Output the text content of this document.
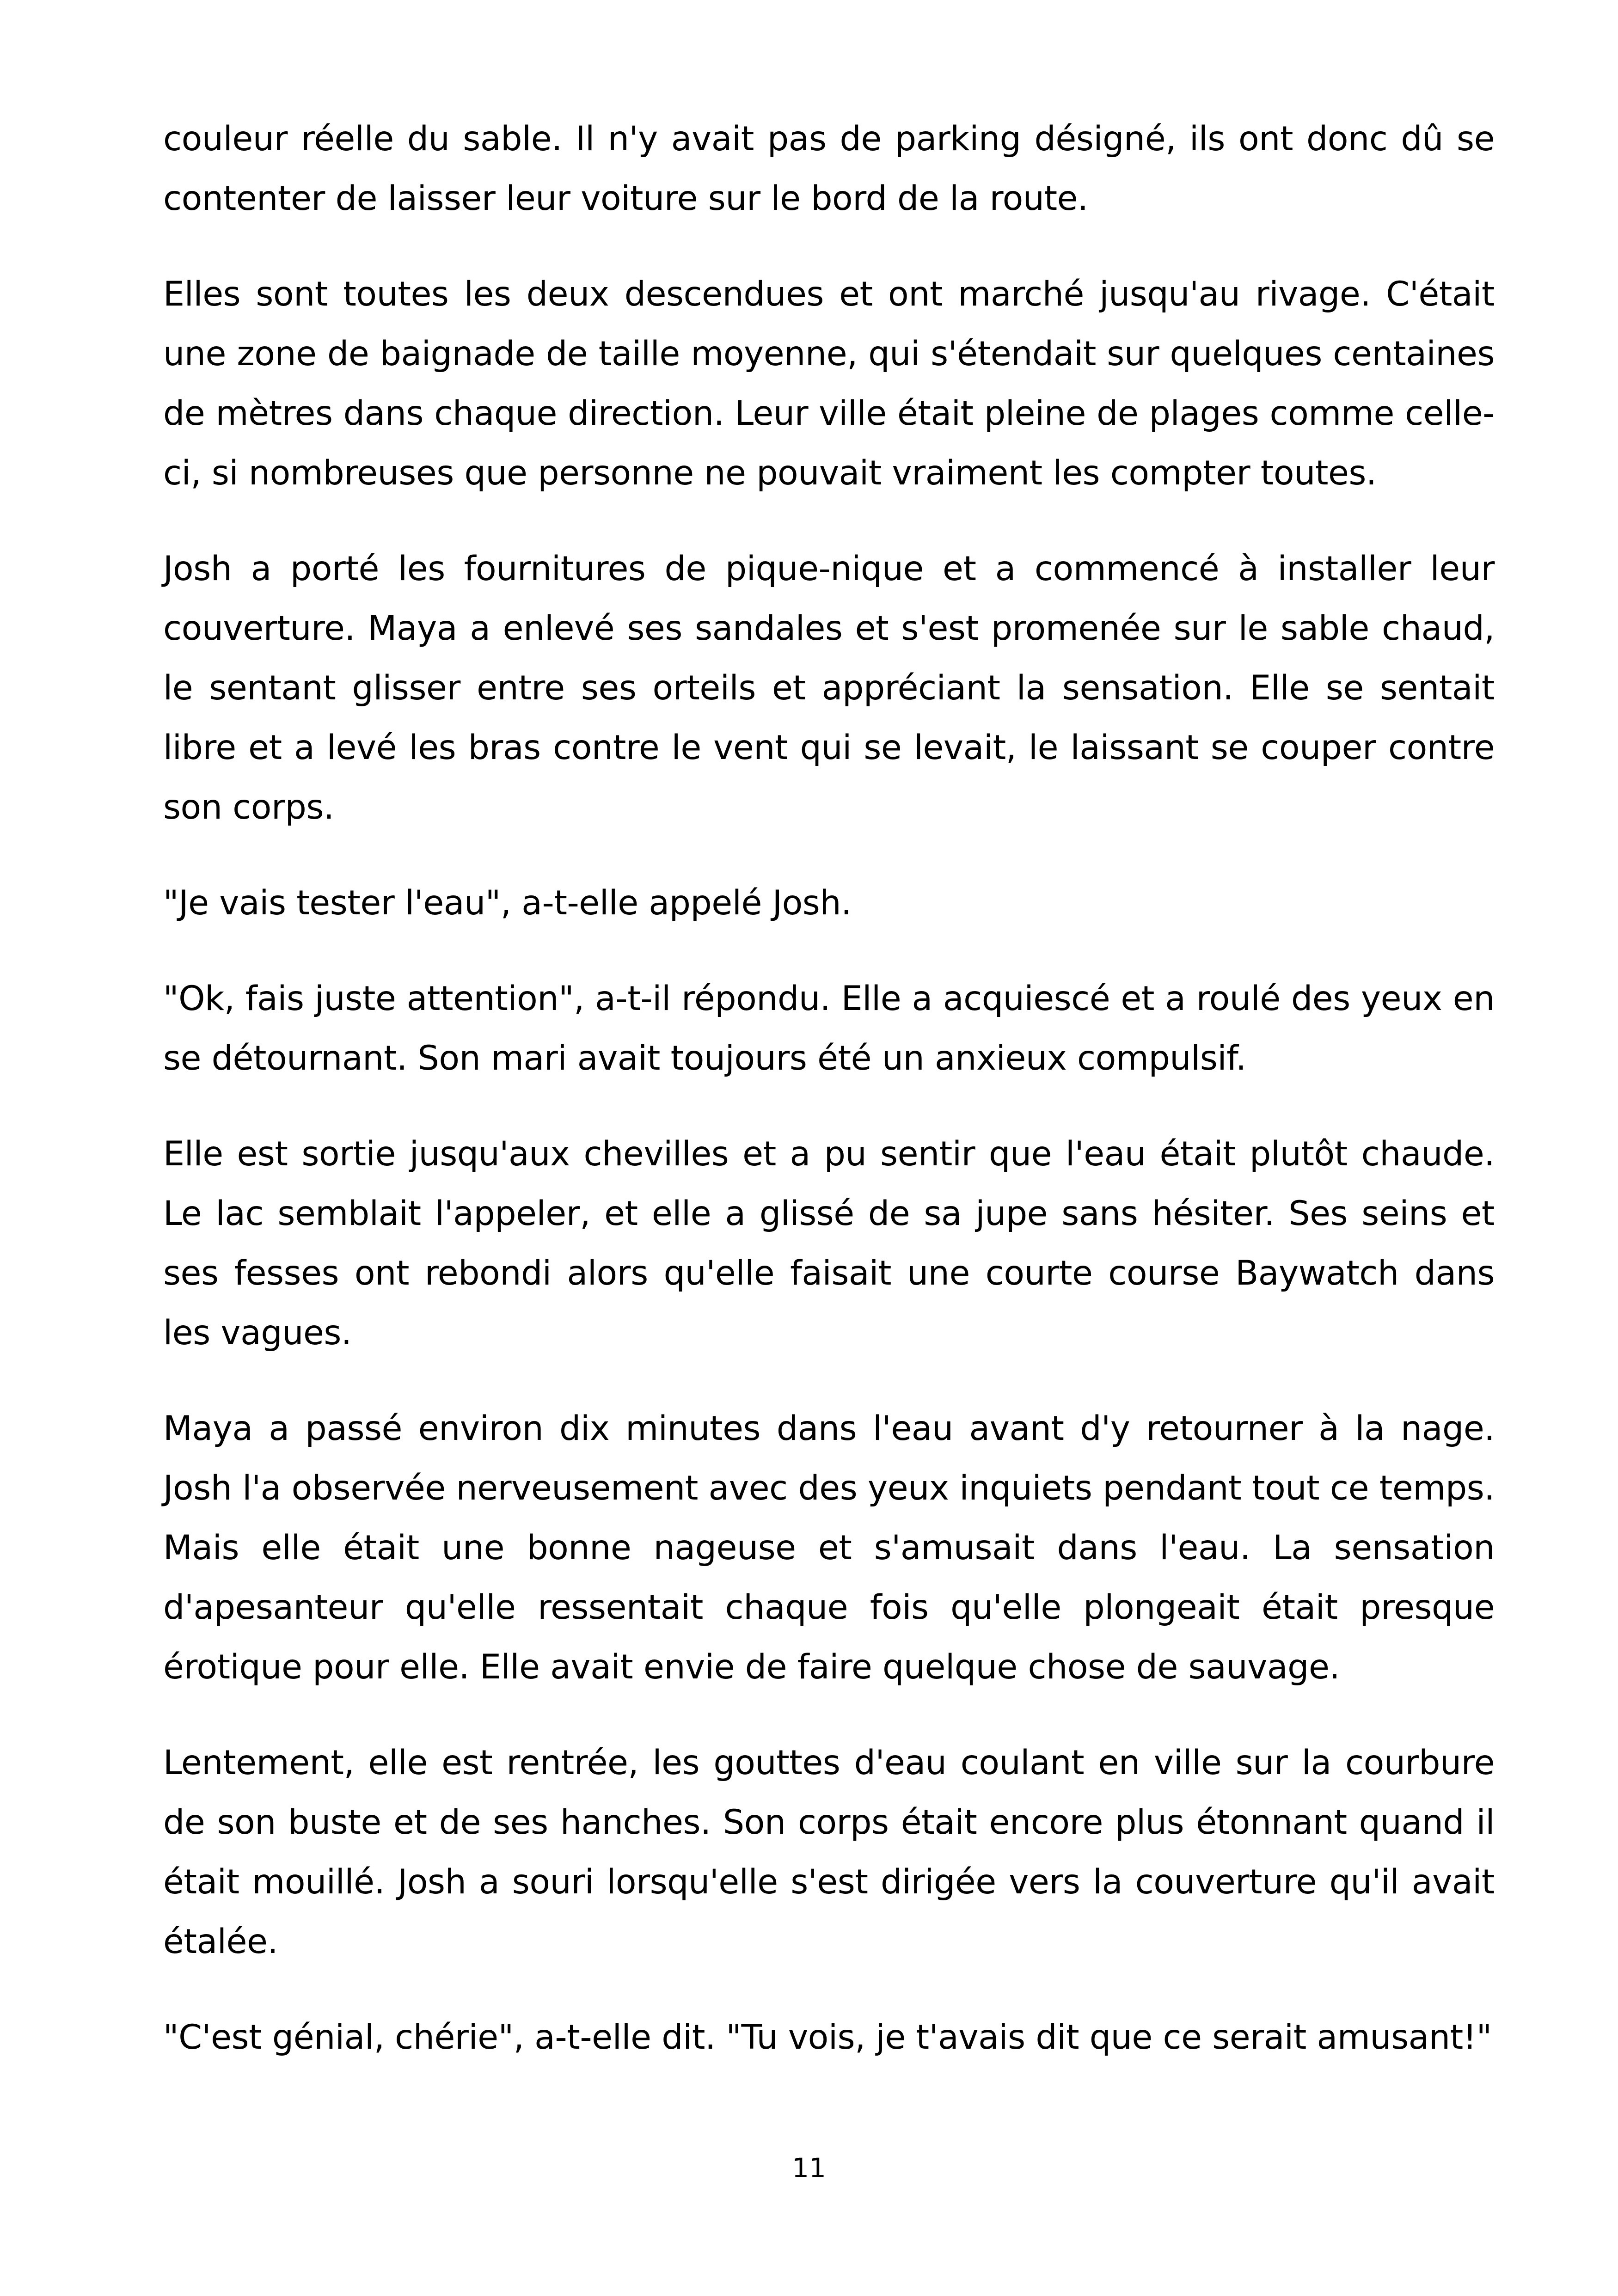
couleur réelle du sable. Il n'y avait pas de parking désigné, ils ont donc dû se contenter de laisser leur voiture sur le bord de la route.

Elles sont toutes les deux descendues et ont marché jusqu'au rivage. C'était une zone de baignade de taille moyenne, qui s'étendait sur quelques centaines de mètres dans chaque direction. Leur ville était pleine de plages comme celle-ci, si nombreuses que personne ne pouvait vraiment les compter toutes.

Josh a porté les fournitures de pique-nique et a commencé à installer leur couverture. Maya a enlevé ses sandales et s'est promenée sur le sable chaud, le sentant glisser entre ses orteils et appréciant la sensation. Elle se sentait libre et a levé les bras contre le vent qui se levait, le laissant se couper contre son corps.

"Je vais tester l'eau", a-t-elle appelé Josh.

"Ok, fais juste attention", a-t-il répondu. Elle a acquiescé et a roulé des yeux en se détournant. Son mari avait toujours été un anxieux compulsif.

Elle est sortie jusqu'aux chevilles et a pu sentir que l'eau était plutôt chaude. Le lac semblait l'appeler, et elle a glissé de sa jupe sans hésiter. Ses seins et ses fesses ont rebondi alors qu'elle faisait une courte course Baywatch dans les vagues.

Maya a passé environ dix minutes dans l'eau avant d'y retourner à la nage. Josh l'a observée nerveusement avec des yeux inquiets pendant tout ce temps. Mais elle était une bonne nageuse et s'amusait dans l'eau. La sensation d'apesanteur qu'elle ressentait chaque fois qu'elle plongeait était presque érotique pour elle. Elle avait envie de faire quelque chose de sauvage.

Lentement, elle est rentrée, les gouttes d'eau coulant en ville sur la courbure de son buste et de ses hanches. Son corps était encore plus étonnant quand il était mouillé. Josh a souri lorsqu'elle s'est dirigée vers la couverture qu'il avait étalée.

"C'est génial, chérie", a-t-elle dit. "Tu vois, je t'avais dit que ce serait amusant!"

11
